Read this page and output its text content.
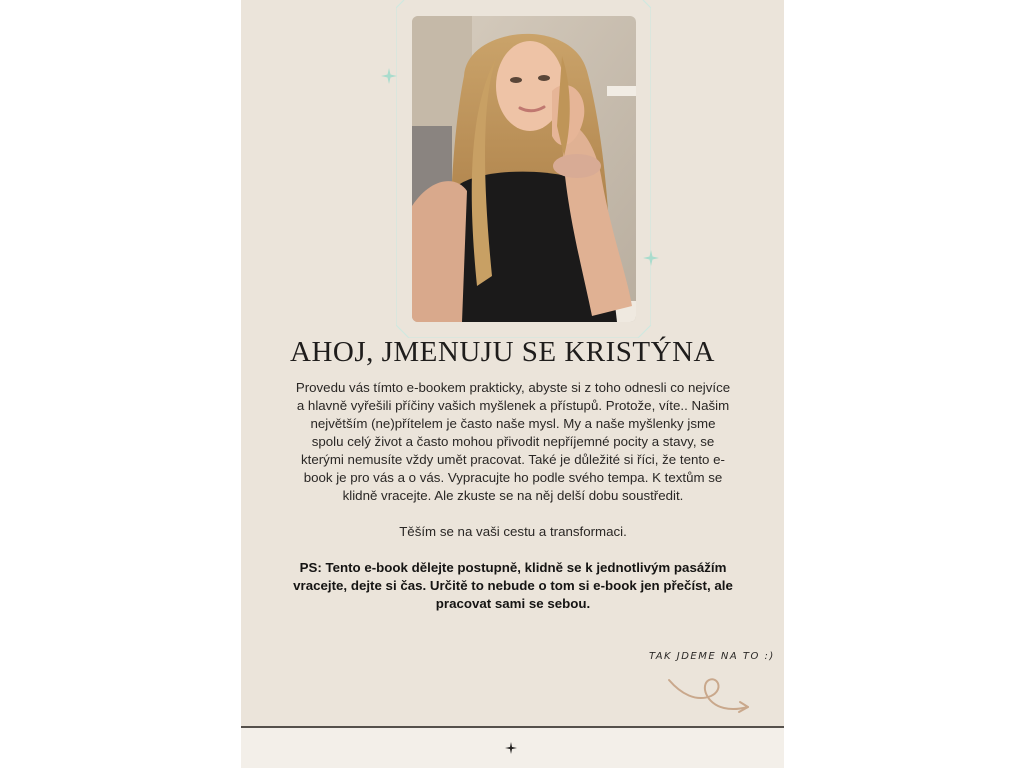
AHOJ, JMENUJU SE KRISTÝNA

Provedu vás tímto e-bookem prakticky, abyste si z toho odnesli co nejvíce a hlavně vyřešili příčiny vašich myšlenek a přístupů. Protože, víte.. Našim největším (ne)přítelem je často naše mysl. My a naše myšlenky jsme spolu celý život a často mohou přivodit nepříjemné pocity a stavy, se kterými nemusíte vždy umět pracovat. Také je důležité si říci, že tento e-book je pro vás a o vás. Vypracujte ho podle svého tempa. K textům se klidně vracejte. Ale zkuste se na něj delší dobu soustředit.

Těším se na vaši cestu a transformaci.

PS: Tento e-book dělejte postupně, klidně se k jednotlivým pasážím vracejte, dejte si čas. Určitě to nebude o tom si e-book jen přečíst, ale pracovat sami se sebou.

TAK JDEME NA TO :)
